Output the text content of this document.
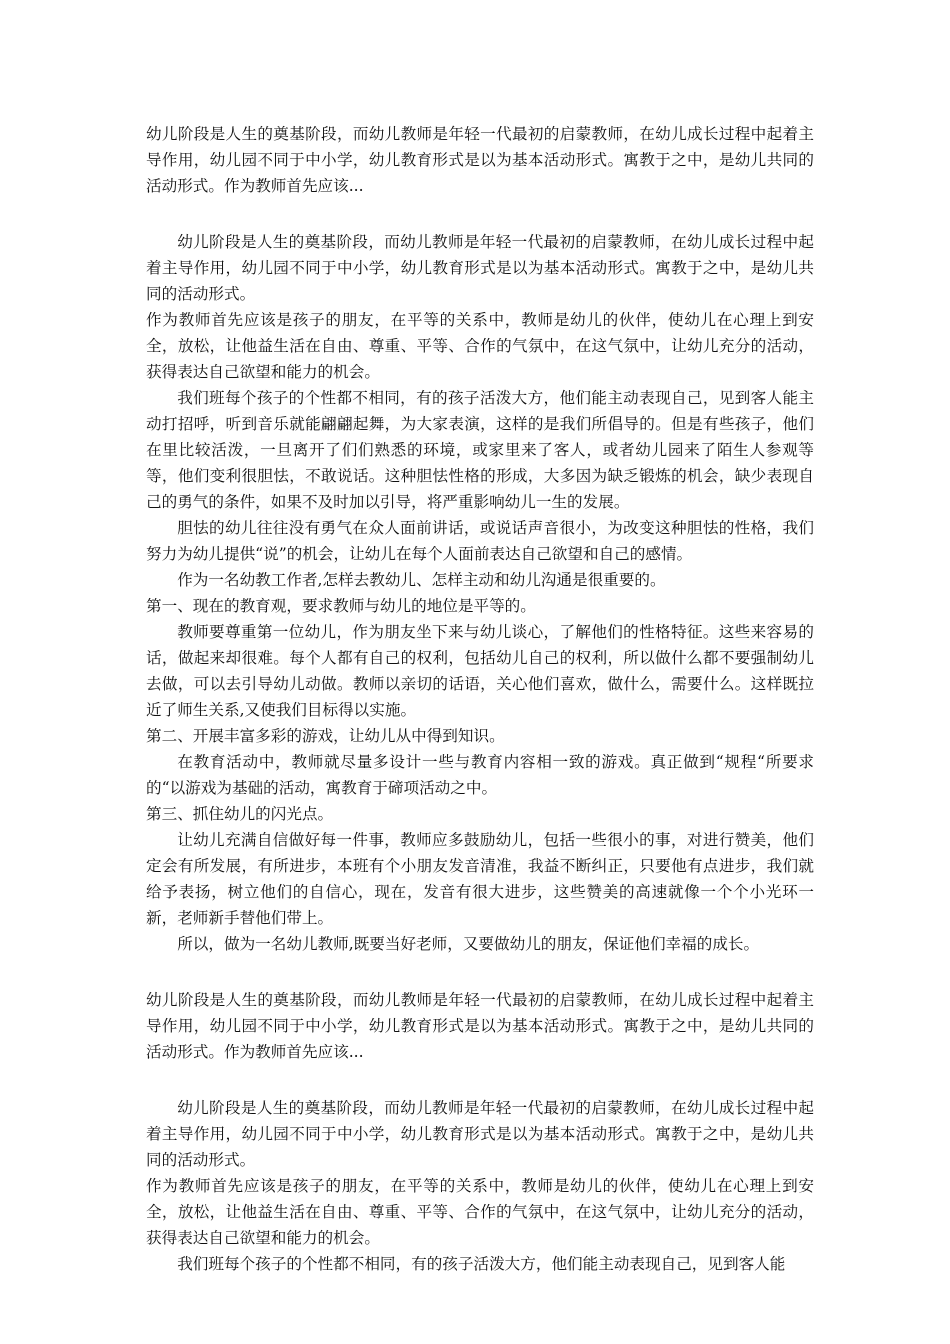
幼儿阶段是人生的奠基阶段，而幼儿教师是年轻一代最初的启蒙教师，在幼儿成长过程中起着主导作用，幼儿园不同于中小学，幼儿教育形式是以为基本活动形式。寓教于之中，是幼儿共同的活动形式。作为教师首先应该...

幼儿阶段是人生的奠基阶段，而幼儿教师是年轻一代最初的启蒙教师，在幼儿成长过程中起着主导作用，幼儿园不同于中小学，幼儿教育形式是以为基本活动形式。寓教于之中，是幼儿共同的活动形式。

作为教师首先应该是孩子的朋友，在平等的关系中，教师是幼儿的伙伴，使幼儿在心理上到安全，放松，让他益生活在自由、尊重、平等、合作的气氛中，在这气氛中，让幼儿充分的活动，获得表达自己欲望和能力的机会。

我们班每个孩子的个性都不相同，有的孩子活泼大方，他们能主动表现自己，见到客人能主动打招呼，听到音乐就能翩翩起舞，为大家表演，这样的是我们所倡导的。但是有些孩子，他们在里比较活泼，一旦离开了们们熟悉的环境，或家里来了客人，或者幼儿园来了陌生人参观等等，他们变利很胆怯，不敢说话。这种胆怯性格的形成，大多因为缺乏锻炼的机会，缺少表现自己的勇气的条件，如果不及时加以引导，将严重影响幼儿一生的发展。

胆怯的幼儿往往没有勇气在众人面前讲话，或说话声音很小，为改变这种胆怯的性格，我们努力为幼儿提供“说”的机会，让幼儿在每个人面前表达自己欲望和自己的感情。

作为一名幼教工作者,怎样去教幼儿、怎样主动和幼儿沟通是很重要的。

第一、现在的教育观，要求教师与幼儿的地位是平等的。

教师要尊重第一位幼儿，作为朋友坐下来与幼儿谈心，了解他们的性格特征。这些来容易的话，做起来却很难。每个人都有自己的权利，包括幼儿自己的权利，所以做什么都不要强制幼儿去做，可以去引导幼儿动做。教师以亲切的话语，关心他们喜欢，做什么，需要什么。这样既拉近了师生关系,又使我们目标得以实施。

第二、开展丰富多彩的游戏，让幼儿从中得到知识。

在教育活动中，教师就尽量多设计一些与教育内容相一致的游戏。真正做到“规程“所要求的“以游戏为基础的活动，寓教育于碲项活动之中。

第三、抓住幼儿的闪光点。

让幼儿充满自信做好每一件事，教师应多鼓励幼儿，包括一些很小的事，对进行赞美，他们定会有所发展，有所进步，本班有个小朋友发音清准，我益不断纠正，只要他有点进步，我们就给予表扬，树立他们的自信心，现在，发音有很大进步，这些赞美的高速就像一个个小光环一新，老师新手替他们带上。

所以，做为一名幼儿教师,既要当好老师，又要做幼儿的朋友，保证他们幸福的成长。

幼儿阶段是人生的奠基阶段，而幼儿教师是年轻一代最初的启蒙教师，在幼儿成长过程中起着主导作用，幼儿园不同于中小学，幼儿教育形式是以为基本活动形式。寓教于之中，是幼儿共同的活动形式。作为教师首先应该...

幼儿阶段是人生的奠基阶段，而幼儿教师是年轻一代最初的启蒙教师，在幼儿成长过程中起着主导作用，幼儿园不同于中小学，幼儿教育形式是以为基本活动形式。寓教于之中，是幼儿共同的活动形式。

作为教师首先应该是孩子的朋友，在平等的关系中，教师是幼儿的伙伴，使幼儿在心理上到安全，放松，让他益生活在自由、尊重、平等、合作的气氛中，在这气氛中，让幼儿充分的活动，获得表达自己欲望和能力的机会。

我们班每个孩子的个性都不相同，有的孩子活泼大方，他们能主动表现自己，见到客人能
